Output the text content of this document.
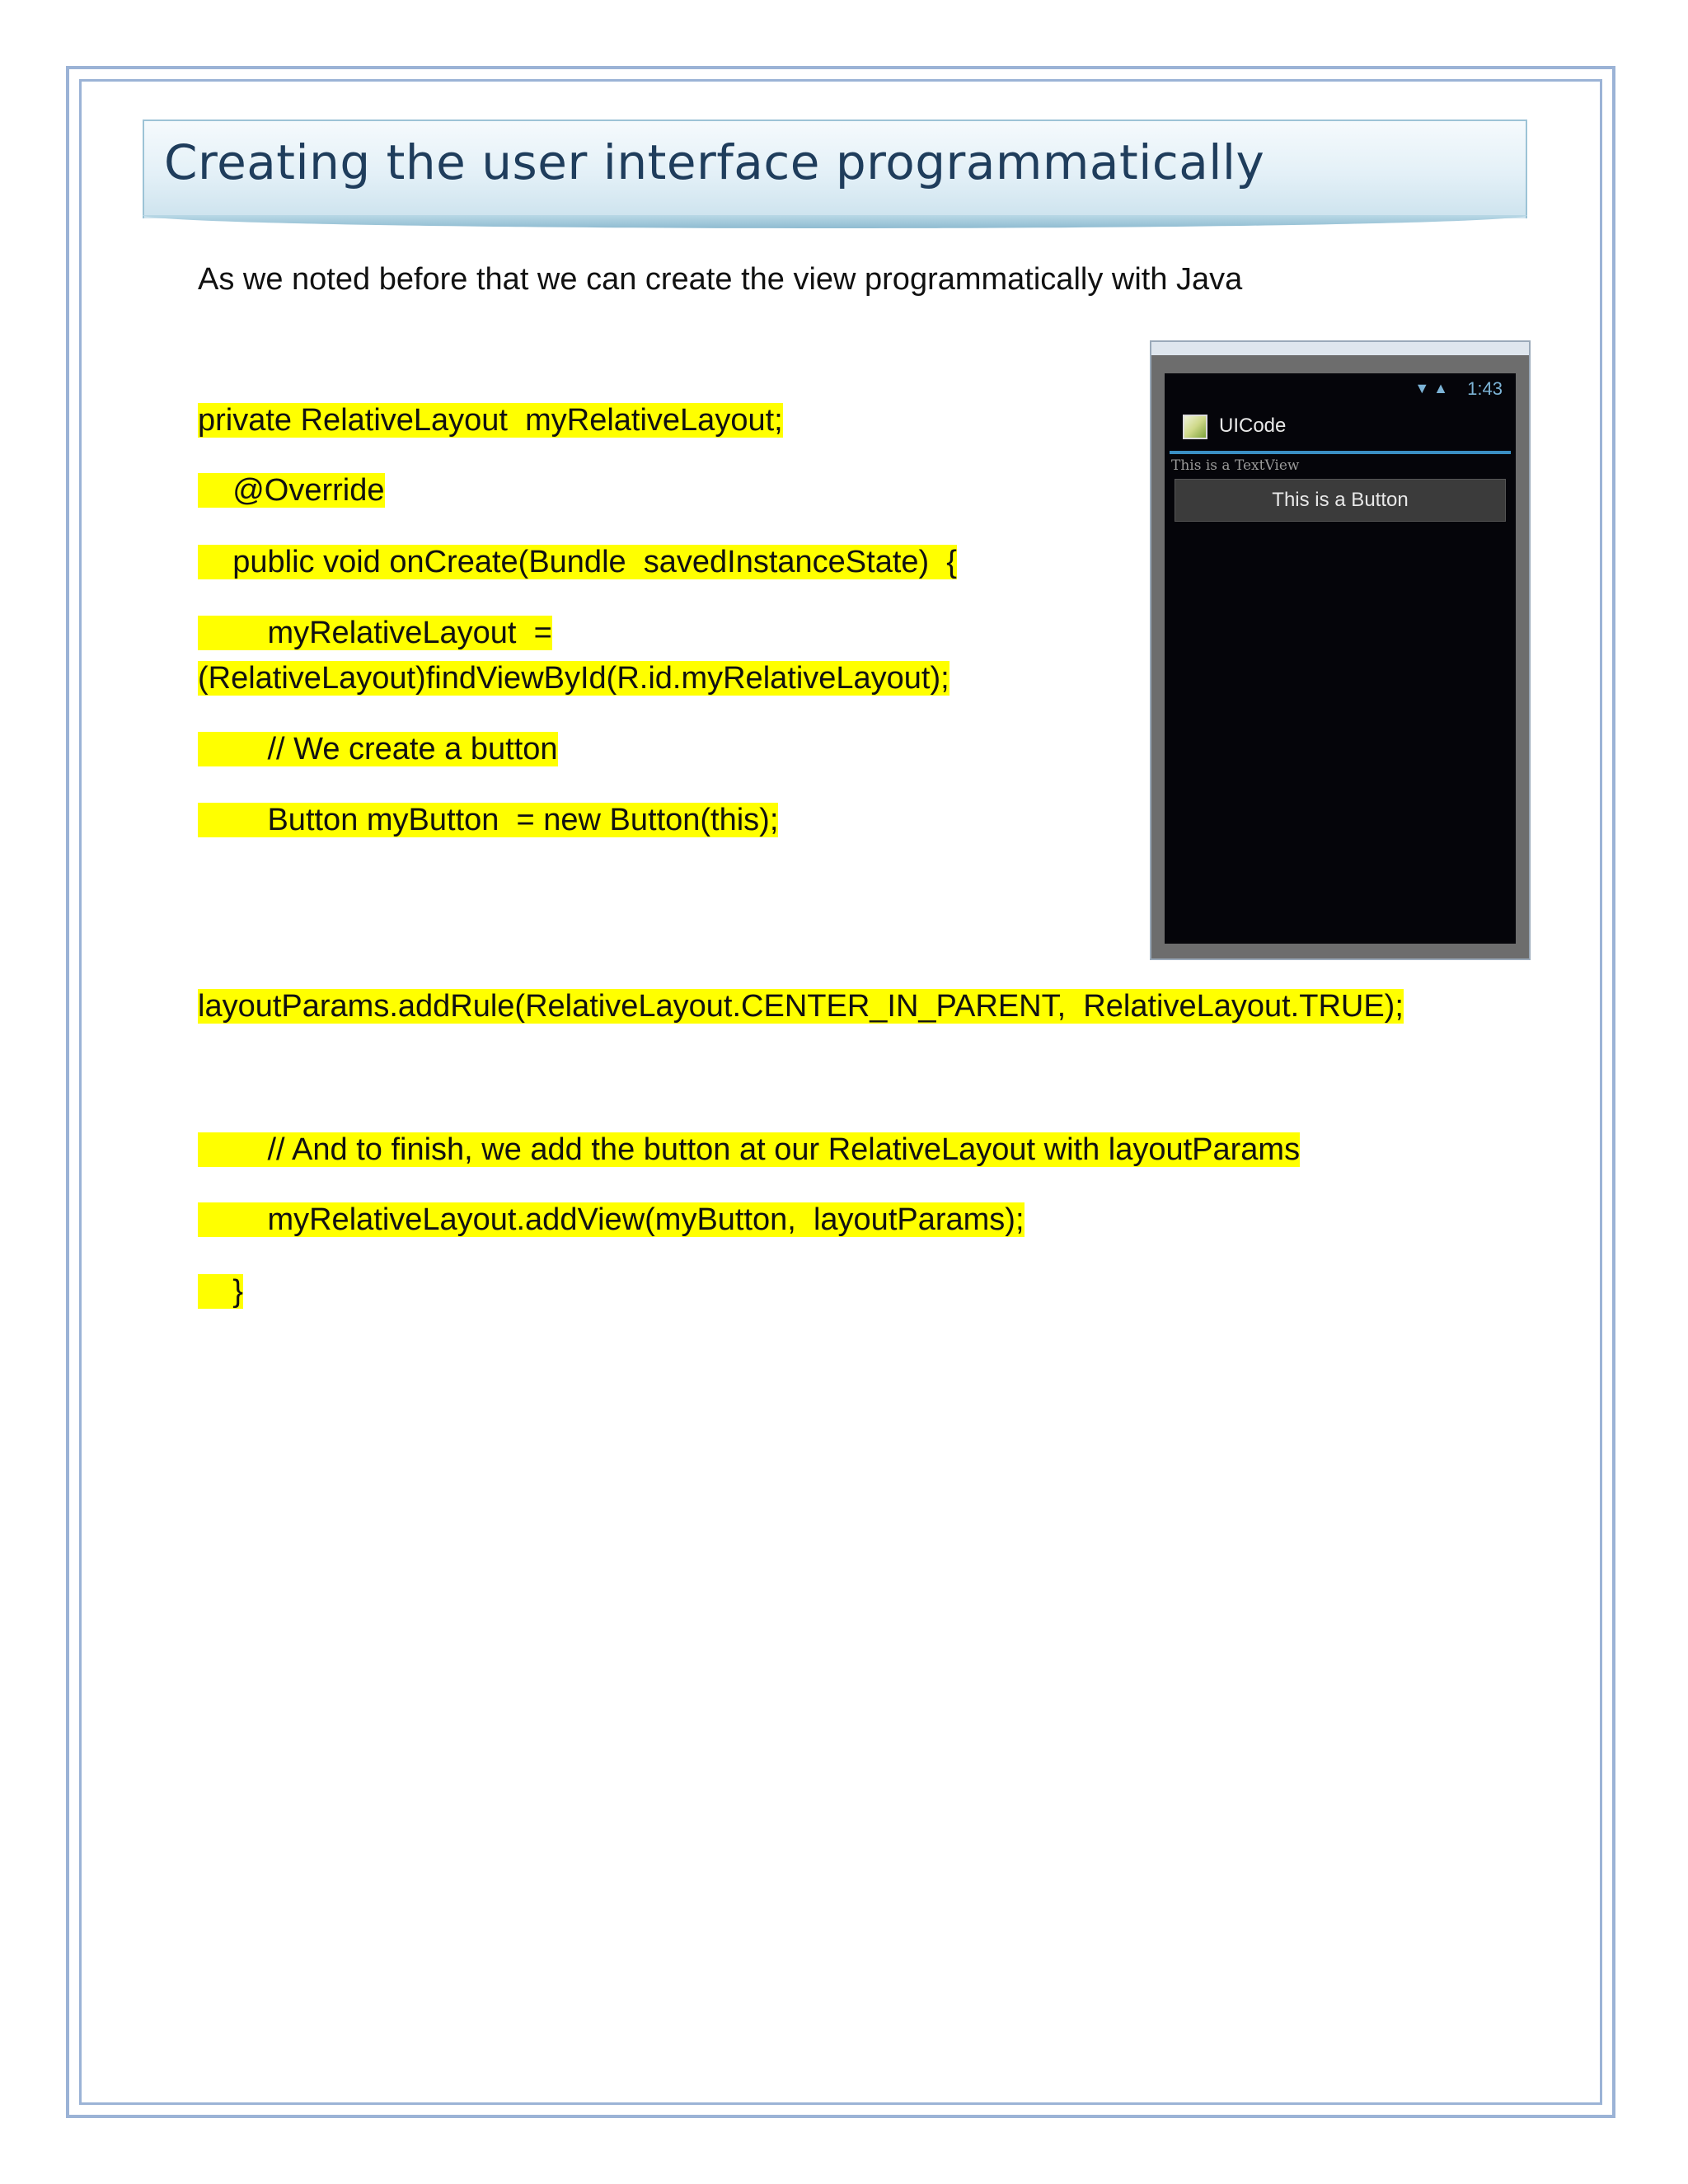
Creating the user interface programmatically
As we noted before that we can create the view programmatically with Java
private RelativeLayout  myRelativeLayout;
@Override
public void onCreate(Bundle  savedInstanceState)  {
myRelativeLayout  =
(RelativeLayout)findViewById(R.id.myRelativeLayout);
// We create a button
Button myButton  = new Button(this);
layoutParams.addRule(RelativeLayout.CENTER_IN_PARENT,  RelativeLayout.TRUE);
// And to finish, we add the button at our RelativeLayout with layoutParams
myRelativeLayout.addView(myButton,  layoutParams);
}
▼ ▲ 1:43
UICode
This is a TextView
This is a Button
